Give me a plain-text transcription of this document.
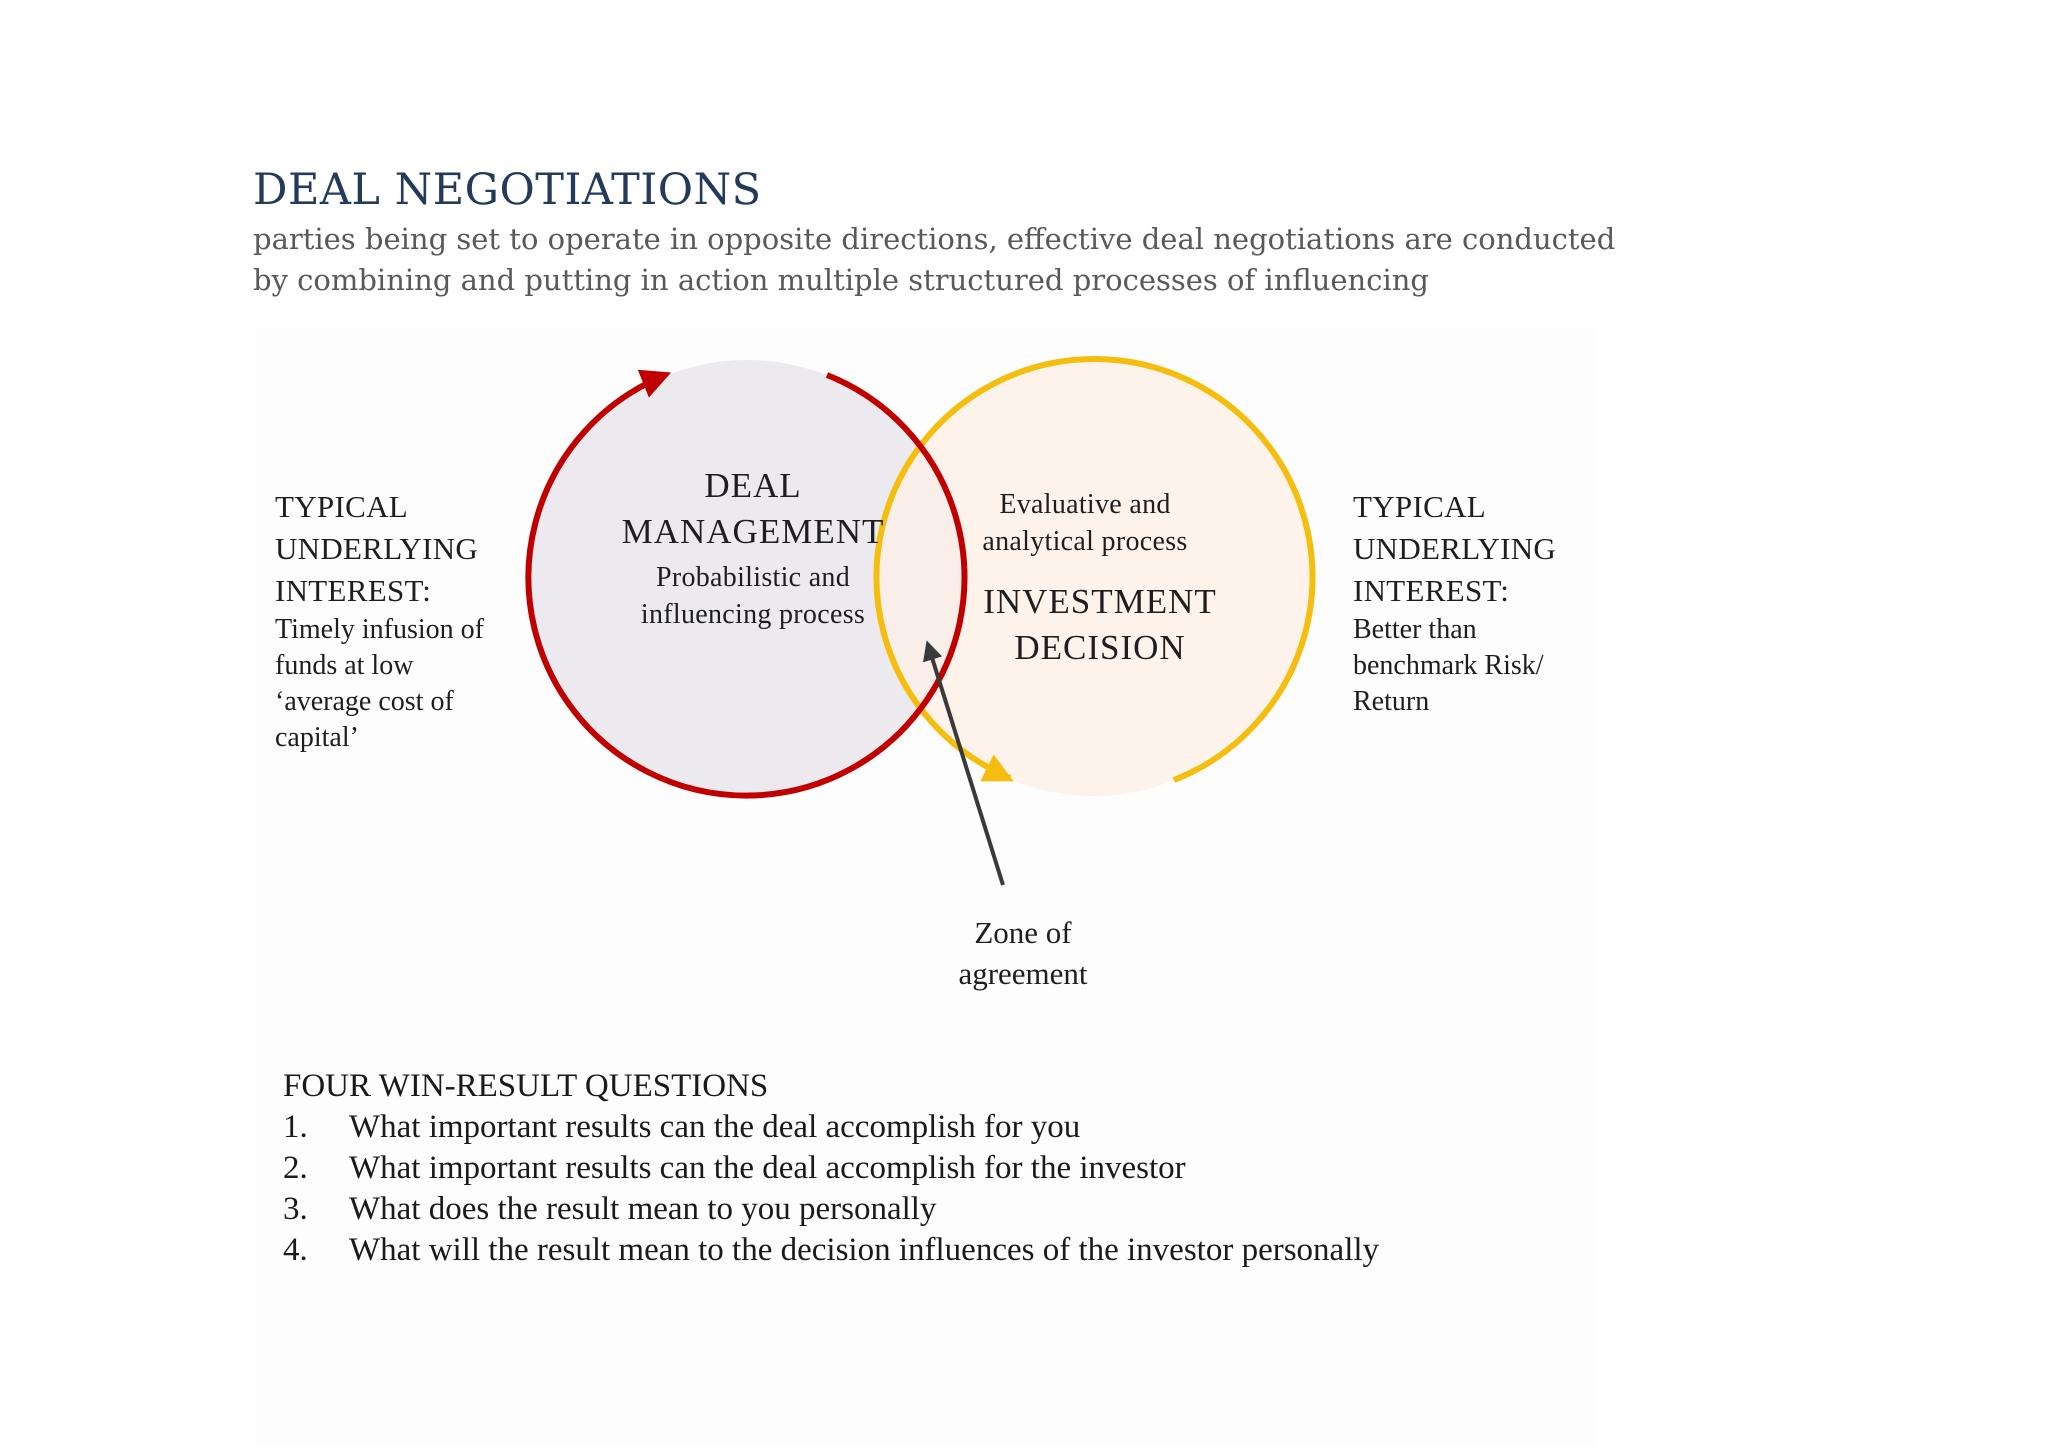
DEAL NEGOTIATIONS
parties being set to operate in opposite directions, effective deal negotiations are conducted
by combining and putting in action multiple structured processes of influencing
TYPICAL
UNDERLYING
INTEREST:
Timely infusion of
funds at low
‘average cost of
capital’
DEAL
MANAGEMENT
Probabilistic and
influencing process
Evaluative and
analytical process
INVESTMENT
DECISION
TYPICAL
UNDERLYING
INTEREST:
Better than
benchmark Risk/
Return
Zone of
agreement
FOUR WIN-RESULT QUESTIONS
1.	What important results can the deal accomplish for you
2.	What important results can the deal accomplish for the investor
3.	What does the result mean to you personally
4.	What will the result mean to the decision influences of the investor personally
